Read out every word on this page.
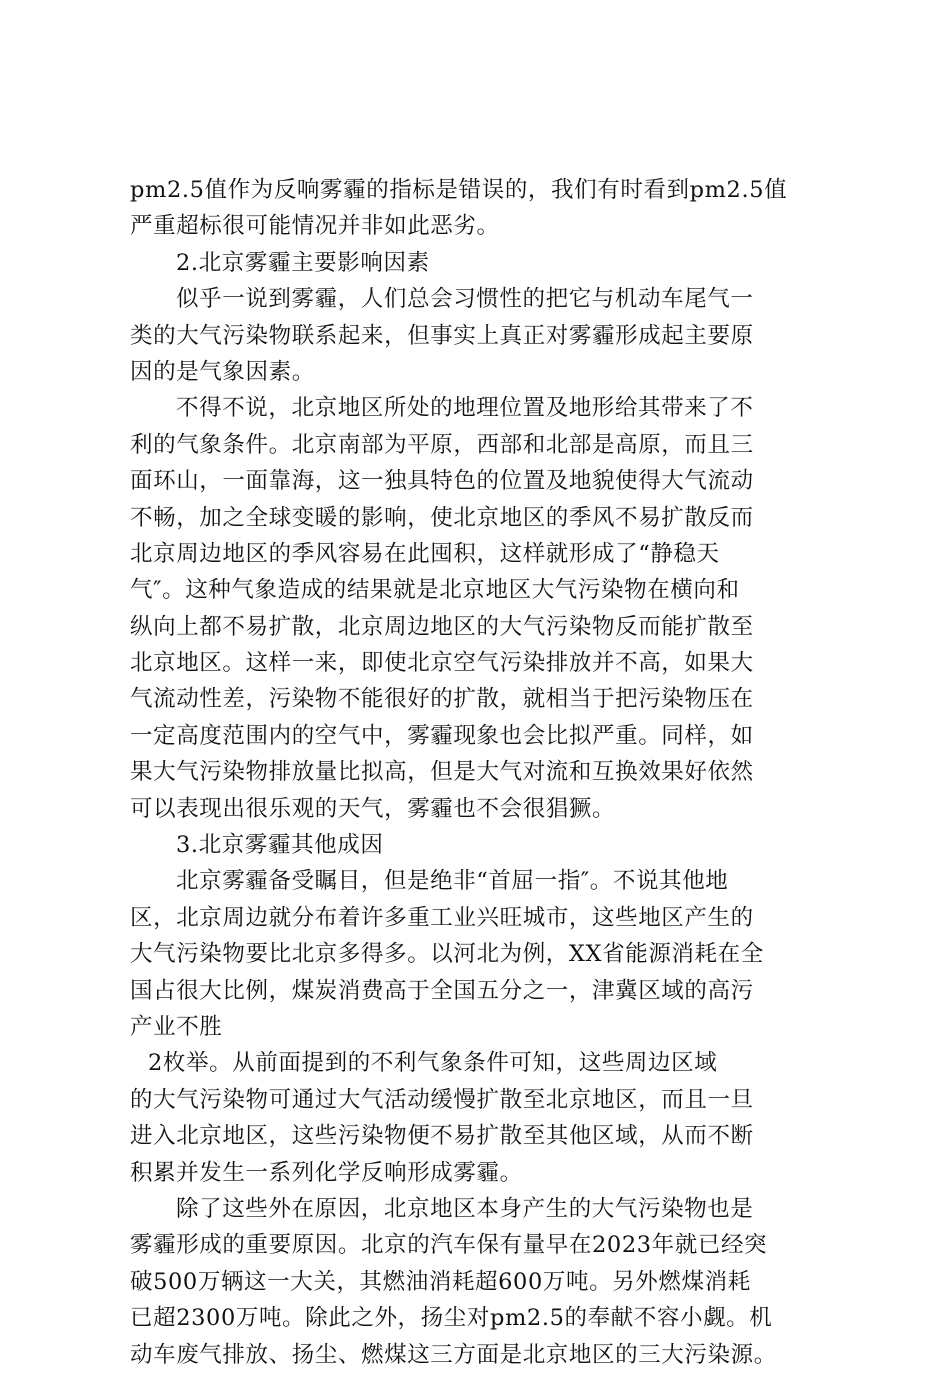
pm2.5值作为反响雾霾的指标是错误的，我们有时看到pm2.5值
严重超标很可能情况并非如此恶劣。
2.北京雾霾主要影响因素
似乎一说到雾霾，人们总会习惯性的把它与机动车尾气一
类的大气污染物联系起来，但事实上真正对雾霾形成起主要原
因的是气象因素。
不得不说，北京地区所处的地理位置及地形给其带来了不
利的气象条件。北京南部为平原，西部和北部是高原，而且三
面环山，一面靠海，这一独具特色的位置及地貌使得大气流动
不畅，加之全球变暖的影响，使北京地区的季风不易扩散反而
北京周边地区的季风容易在此囤积，这样就形成了“静稳天
气″。这种气象造成的结果就是北京地区大气污染物在横向和
纵向上都不易扩散，北京周边地区的大气污染物反而能扩散至
北京地区。这样一来，即使北京空气污染排放并不高，如果大
气流动性差，污染物不能很好的扩散，就相当于把污染物压在
一定高度范围内的空气中，雾霾现象也会比拟严重。同样，如
果大气污染物排放量比拟高，但是大气对流和互换效果好依然
可以表现出很乐观的天气，雾霾也不会很猖獗。
3.北京雾霾其他成因
北京雾霾备受瞩目，但是绝非“首屈一指″。不说其他地
区，北京周边就分布着许多重工业兴旺城市，这些地区产生的
大气污染物要比北京多得多。以河北为例，XX省能源消耗在全
国占很大比例，煤炭消费高于全国五分之一，津冀区域的高污
产业不胜
2枚举。从前面提到的不利气象条件可知，这些周边区域
的大气污染物可通过大气活动缓慢扩散至北京地区，而且一旦
进入北京地区，这些污染物便不易扩散至其他区域，从而不断
积累并发生一系列化学反响形成雾霾。
除了这些外在原因，北京地区本身产生的大气污染物也是
雾霾形成的重要原因。北京的汽车保有量早在2023年就已经突
破500万辆这一大关，其燃油消耗超600万吨。另外燃煤消耗
已超2300万吨。除此之外，扬尘对pm2.5的奉献不容小觑。机
动车废气排放、扬尘、燃煤这三方面是北京地区的三大污染源。
